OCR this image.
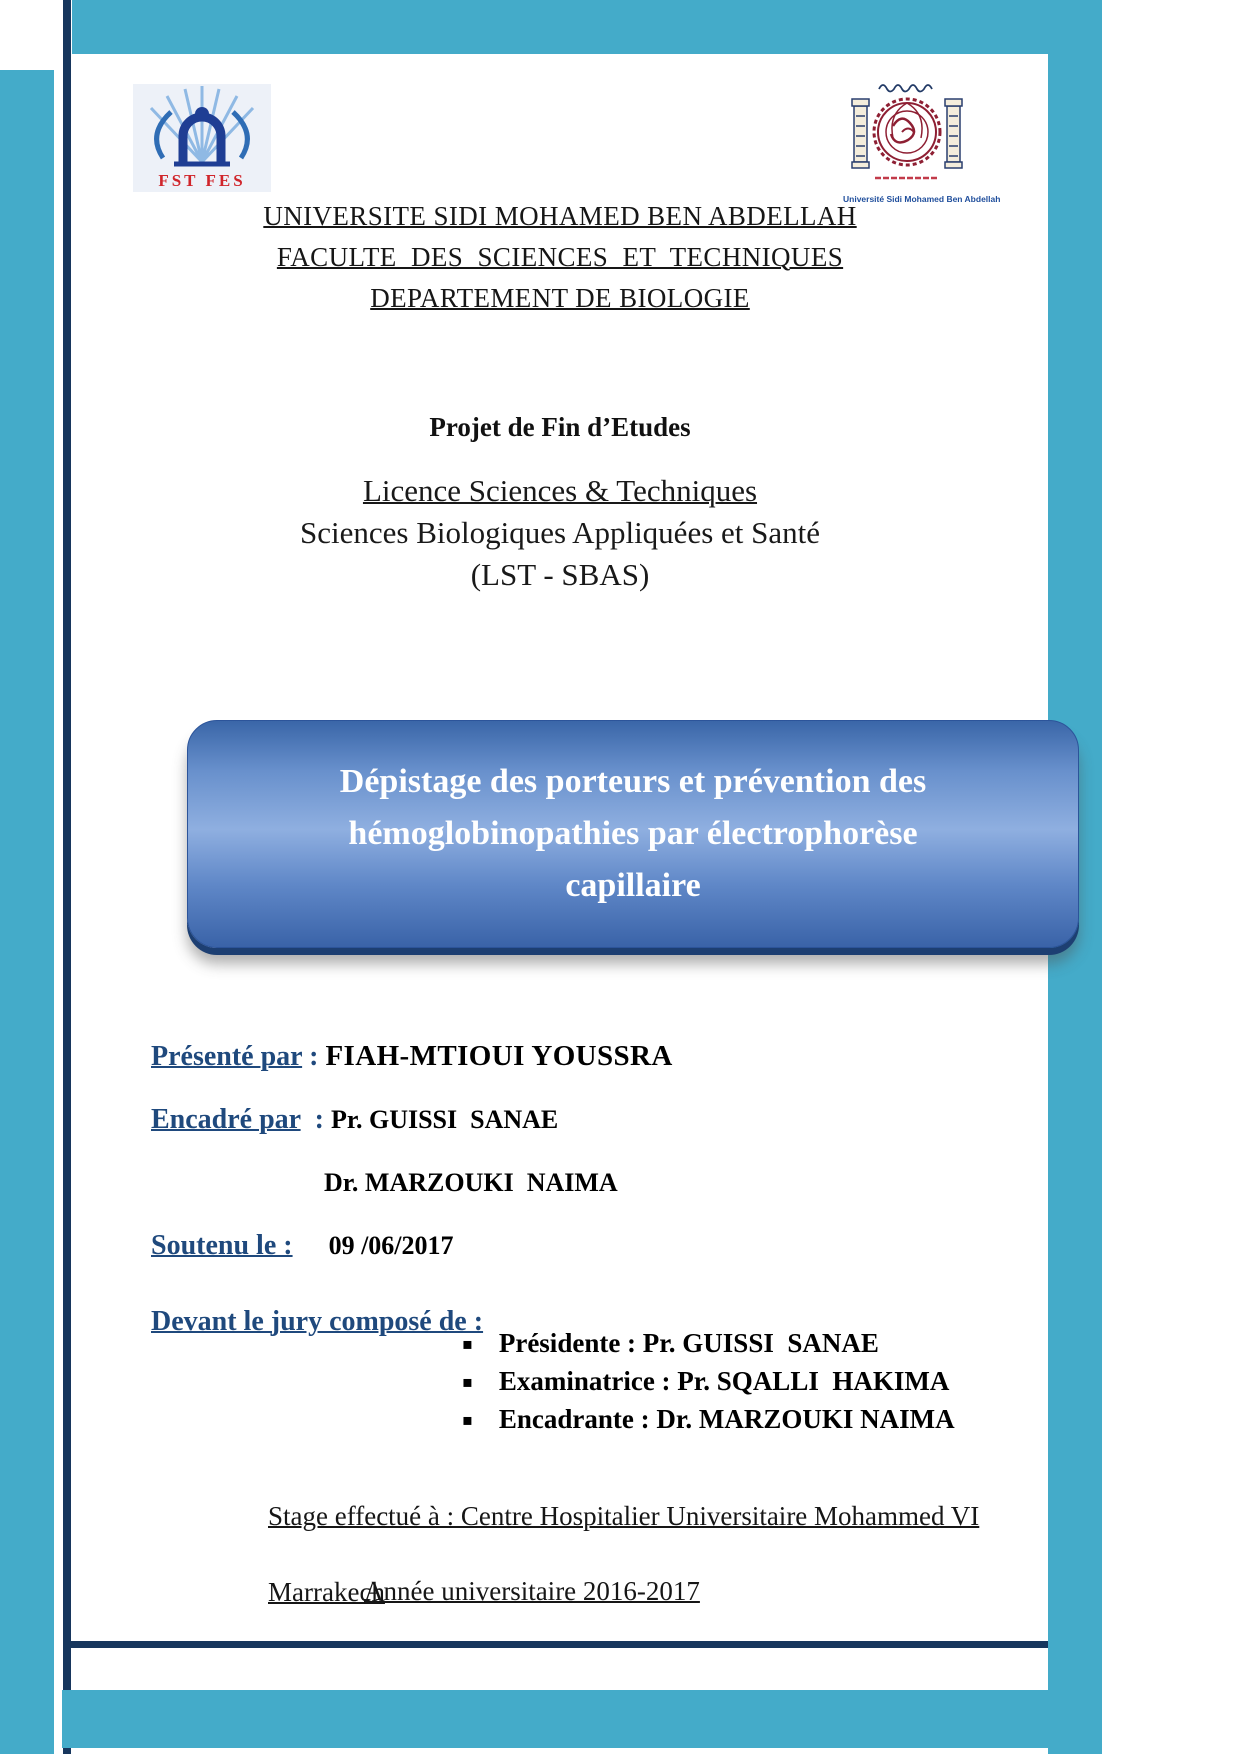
FST FES
Université Sidi Mohamed Ben Abdellah
UNIVERSITE SIDI MOHAMED BEN ABDELLAH
FACULTE  DES  SCIENCES  ET  TECHNIQUES
DEPARTEMENT DE BIOLOGIE
Projet de Fin d’Etudes
Licence Sciences & Techniques
Sciences Biologiques Appliquées et Santé
(LST - SBAS)
Dépistage des porteurs et prévention des
hémoglobinopathies par électrophorèse
capillaire

Présenté par : FIAH-MTIOUI YOUSSRA

Encadré par  : Pr. GUISSI  SANAE

Dr. MARZOUKI  NAIMA

Soutenu le : 09 /06/2017

Devant le jury composé de :

▪ Présidente : Pr. GUISSI  SANAE
▪ Examinatrice : Pr. SQALLI  HAKIMA
▪ Encadrante : Dr. MARZOUKI NAIMA

Stage effectué à : Centre Hospitalier Universitaire Mohammed VI

Marrakech

Année universitaire 2016-2017
